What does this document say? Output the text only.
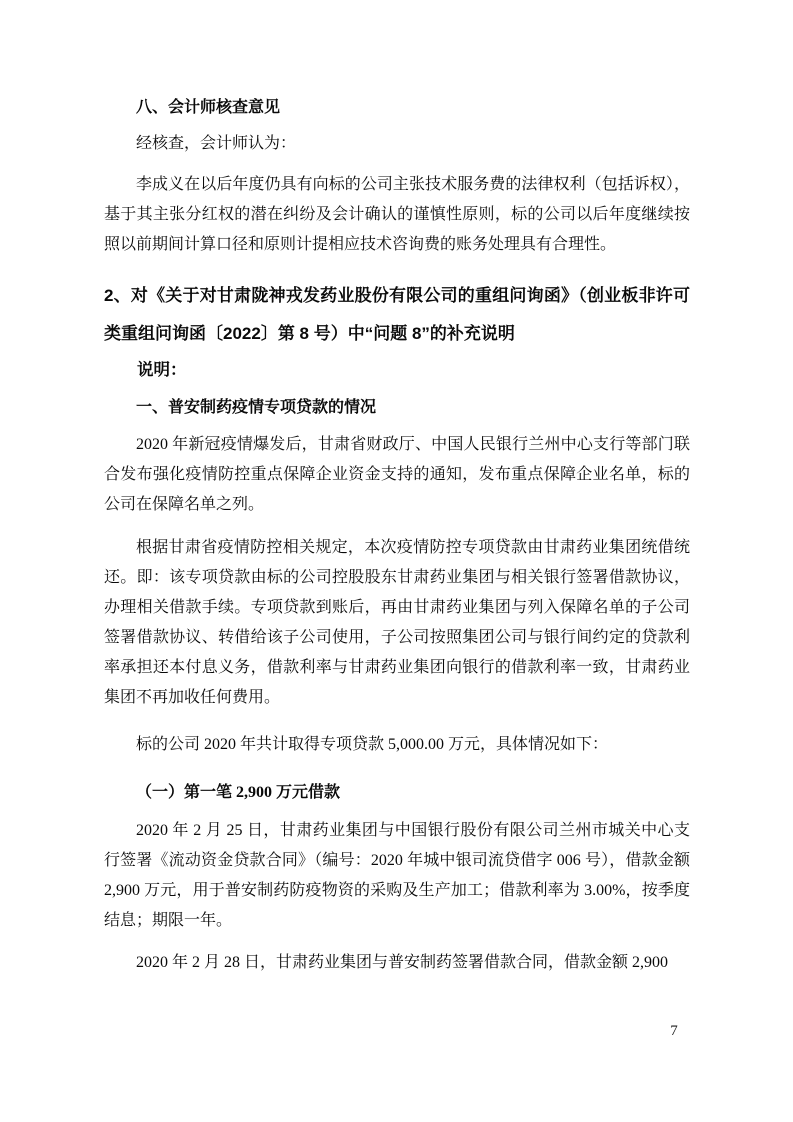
八、会计师核查意见
经核查，会计师认为：
李成义在以后年度仍具有向标的公司主张技术服务费的法律权利（包括诉权），基于其主张分红权的潜在纠纷及会计确认的谨慎性原则，标的公司以后年度继续按照以前期间计算口径和原则计提相应技术咨询费的账务处理具有合理性。
2、对《关于对甘肃陇神戎发药业股份有限公司的重组问询函》（创业板非许可类重组问询函〔2022〕第 8 号）中“问题 8”的补充说明
说明：
一、普安制药疫情专项贷款的情况
2020 年新冠疫情爆发后，甘肃省财政厅、中国人民银行兰州中心支行等部门联合发布强化疫情防控重点保障企业资金支持的通知，发布重点保障企业名单，标的公司在保障名单之列。
根据甘肃省疫情防控相关规定，本次疫情防控专项贷款由甘肃药业集团统借统还。即：该专项贷款由标的公司控股股东甘肃药业集团与相关银行签署借款协议，办理相关借款手续。专项贷款到账后，再由甘肃药业集团与列入保障名单的子公司签署借款协议、转借给该子公司使用，子公司按照集团公司与银行间约定的贷款利率承担还本付息义务，借款利率与甘肃药业集团向银行的借款利率一致，甘肃药业集团不再加收任何费用。
标的公司 2020 年共计取得专项贷款 5,000.00 万元，具体情况如下：
（一）第一笔 2,900 万元借款
2020 年 2 月 25 日，甘肃药业集团与中国银行股份有限公司兰州市城关中心支行签署《流动资金贷款合同》（编号：2020 年城中银司流贷借字 006 号），借款金额 2,900 万元，用于普安制药防疫物资的采购及生产加工；借款利率为 3.00%，按季度结息；期限一年。
2020 年 2 月 28 日，甘肃药业集团与普安制药签署借款合同，借款金额 2,900
7
